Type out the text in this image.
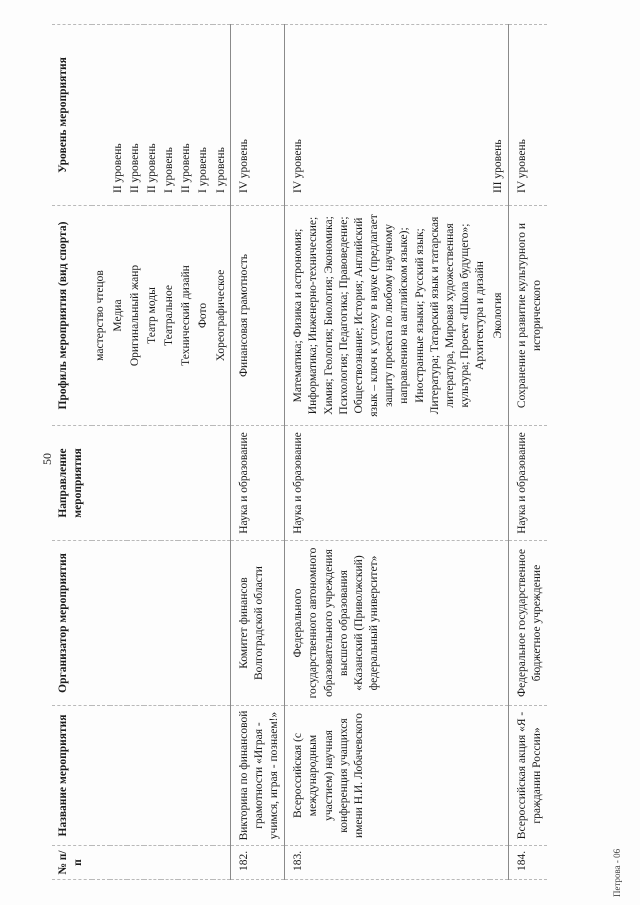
50
№ п/п	Название мероприятия	Организатор мероприятия	Направление мероприятия	Профиль мероприятия (вид спорта)	Уровень мероприятия
				мастерство чтецов	
				Медиа	II уровень
				Оригинальный жанр	II уровень
				Театр моды	II уровень
				Театральное	I уровень
				Технический дизайн	II уровень
				Фото	I уровень
				Хореографическое	I уровень
182.	Викторина по финансовой грамотности «Играя - учимся, играя - познаем!»	Комитет финансов Волгоградской области	Наука и образование	Финансовая грамотность	IV уровень
183.	Всероссийская (с международным участием) научная конференция учащихся имени Н.И. Лобачевского	Федерального государственного автономного образовательного учреждения высшего образования «Казанский (Приволжский) федеральный университет»	Наука и образование	Математика; Физика и астрономия; Информатика; Инженерно-технические; Химия; Геология; Биология; Экономика; Психология; Педагогика; Правоведение; Обществознание; История; Английский язык – ключ к успеху в науке (предлагает защиту проекта по любому научному направлению на английском языке); Иностранные языки; Русский язык; Литература; Татарский язык и татарская литература, Мировая художественная культура; Проект «Школа будущего»; Архитектура и дизайн	IV уровень
				Экология	III уровень
184.	Всероссийская акция «Я - гражданин России»	Федеральное государственное бюджетное учреждение	Наука и образование	Сохранение и развитие культурного и исторического	IV уровень
Петрова - 06
